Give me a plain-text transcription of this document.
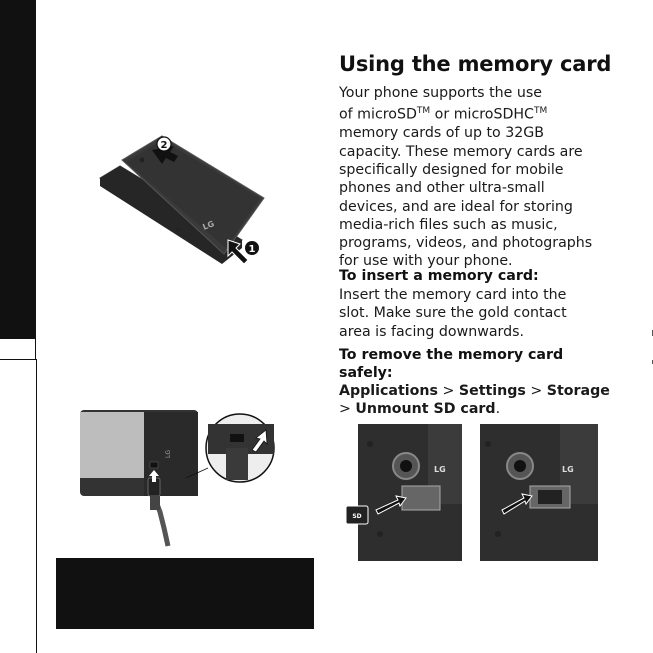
LG
2
1
LG
Using the memory card
Your phone supports the use
of microSD™ or microSDHC™
memory cards of up to 32GB
capacity. These memory cards are
specifically designed for mobile
phones and other ultra-small
devices, and are ideal for storing
media-rich files such as music,
programs, videos, and photographs
for use with your phone.
To insert a memory card:
Insert the memory card into the
slot. Make sure the gold contact
area is facing downwards.
To remove the memory card
safely:
Applications > Settings > Storage
> Unmount SD card.
LG
SD
LG
